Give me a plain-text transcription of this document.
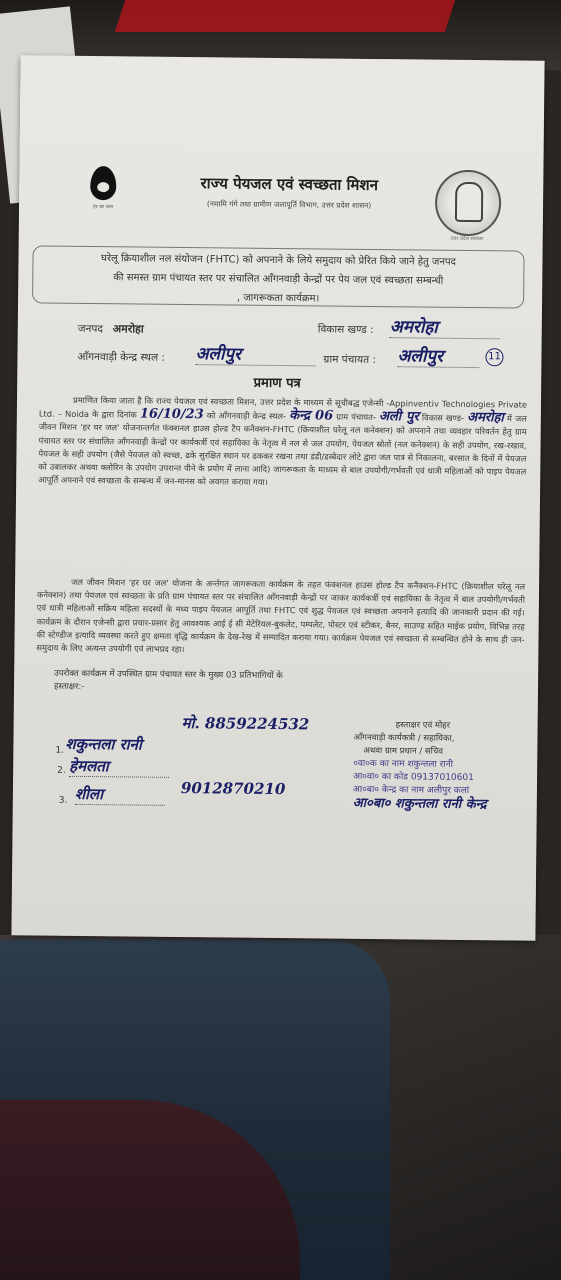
हर घर जल
राज्य पेयजल एवं स्वच्छता मिशन
(नमामि गंगे तथा ग्रामीण जलापूर्ति विभाग, उत्तर प्रदेश शासन)
उत्तर प्रदेश सरकार
घरेलू क्रियाशील नल संयोजन (FHTC) को अपनाने के लिये समुदाय को प्रेरित किये जाने हेतु जनपद
की समस्त ग्राम पंचायत स्तर पर संचालित आँगनवाड़ी केन्द्रों पर पेय जल एवं स्वच्छता सम्बन्धी
, जागरूकता कार्यक्रम।
जनपद अमरोहा	विकास खण्ड : अमरोहा
आँगनवाड़ी केन्द्र स्थल : अलीपुर	ग्राम पंचायत : अलीपुर	11
प्रमाण पत्र
प्रमाणित किया जाता है कि राज्य पेयजल एवं स्वच्छता मिशन, उत्तर प्रदेश के माध्यम से सूचीबद्ध एजेन्सी -Appinventiv Technologies Private Ltd. – Noida के द्वारा दिनांक 16/10/23 को आँगनवाड़ी केन्द्र स्थल- केन्द्र 06 ग्राम पंचायत- अली पुर विकास खण्ड- अमरोहा में जल जीवन मिशन 'हर घर जल' योजनान्तर्गत फंक्शनल हाउस होल्ड टैप कनैक्शन-FHTC (क्रियाशील घरेलू नल कनेक्शन) को अपनाने तथा व्यवहार परिवर्तन हेतु ग्राम पंचायत स्तर पर संचालित आँगनवाड़ी केन्द्रों पर कार्यकर्त्री एवं सहायिका के नेतृत्व में नल से जल उपयोग, पेयजल स्रोतों (नल कनेक्शन) के सही उपयोग, रख-रखाव, पेयजल के सही उपयोग (जैसे पेयजल को स्वच्छ, ढके सुरक्षित स्थान पर ढककर रखना तथा डंडी/डब्बेदार लोटे द्वारा जल पात्र से निकालना, बरसात के दिनों में पेयजल को उबालकर अथवा क्लोरिन के उपयोग उपरान्त पीने के प्रयोग में लाना आदि) जागरूकता के माध्यम से बाल उपयोगी/गर्भवती एवं धात्री महिलाओं को पाइप पेयजल आपूर्ति अपनाने एवं स्वच्छता के सम्बन्ध में जन-मानस को अवगत कराया गया।
जल जीवन मिशन 'हर घर जल' योजना के अर्न्तगत जागरूकता कार्यक्रम के तहत फंक्शनल हाउस होल्ड टैप कनैक्शन-FHTC (क्रियाशील घरेलू नल कनेक्शन) तथा पेयजल एवं स्वच्छता के प्रति ग्राम पंचायत स्तर पर संचालित आँगनवाड़ी केन्द्रों पर जाकर कार्यकर्त्री एवं सहायिका के नेतृत्व में बाल उपयोगी/गर्भवती एवं धात्री महिलाओं सक्रिय महिला सदस्यों के मध्य पाइप पेयजल आपूर्ति तथा FHTC एवं शुद्ध पेयजल एवं स्वच्छता अपनाने इत्यादि की जानकारी प्रदान की गई। कार्यक्रम के दौरान एजेन्सी द्वारा प्रचार-प्रसार हेतु आवश्यक आई ई सी मेटेरियल-बुकलेट, पम्पलेट, पोस्टर एवं स्टीकर, बैनर, साउण्ड सहित माईक प्रयोग, विभिन्न तरह की स्टेण्डीज इत्यादि व्यवस्था करते हुए क्षमता वृद्धि कार्यक्रम के देख-रेख में सम्पादित कराया गया। कार्यक्रम पेयजल एवं स्वच्छता से सम्बन्धित होने के साथ ही जन-समुदाय के लिए अत्यन्त उपयोगी एवं लाभप्रद रहा।
उपरोक्त कार्यक्रम में उपस्थित ग्राम पंचायत स्तर के मुख्य 03 प्रतिभागियों के
हस्ताक्षर:-
मो. 8859224532
1. शकुन्तला रानी
2. हेमलता
3. शीला	9012870210
हस्ताक्षर एवं मोहर
आँगनवाड़ी कार्यकत्री / सहायिका,
अथवा ग्राम प्रधान / सचिव
०वा०क का नाम शकुन्तला रानी
आ०वा० का कोड 09137010601
आ०बा० केन्द्र का नाम अलीपुर कलां
आ०बा० शकुन्तला रानी केन्द्र
